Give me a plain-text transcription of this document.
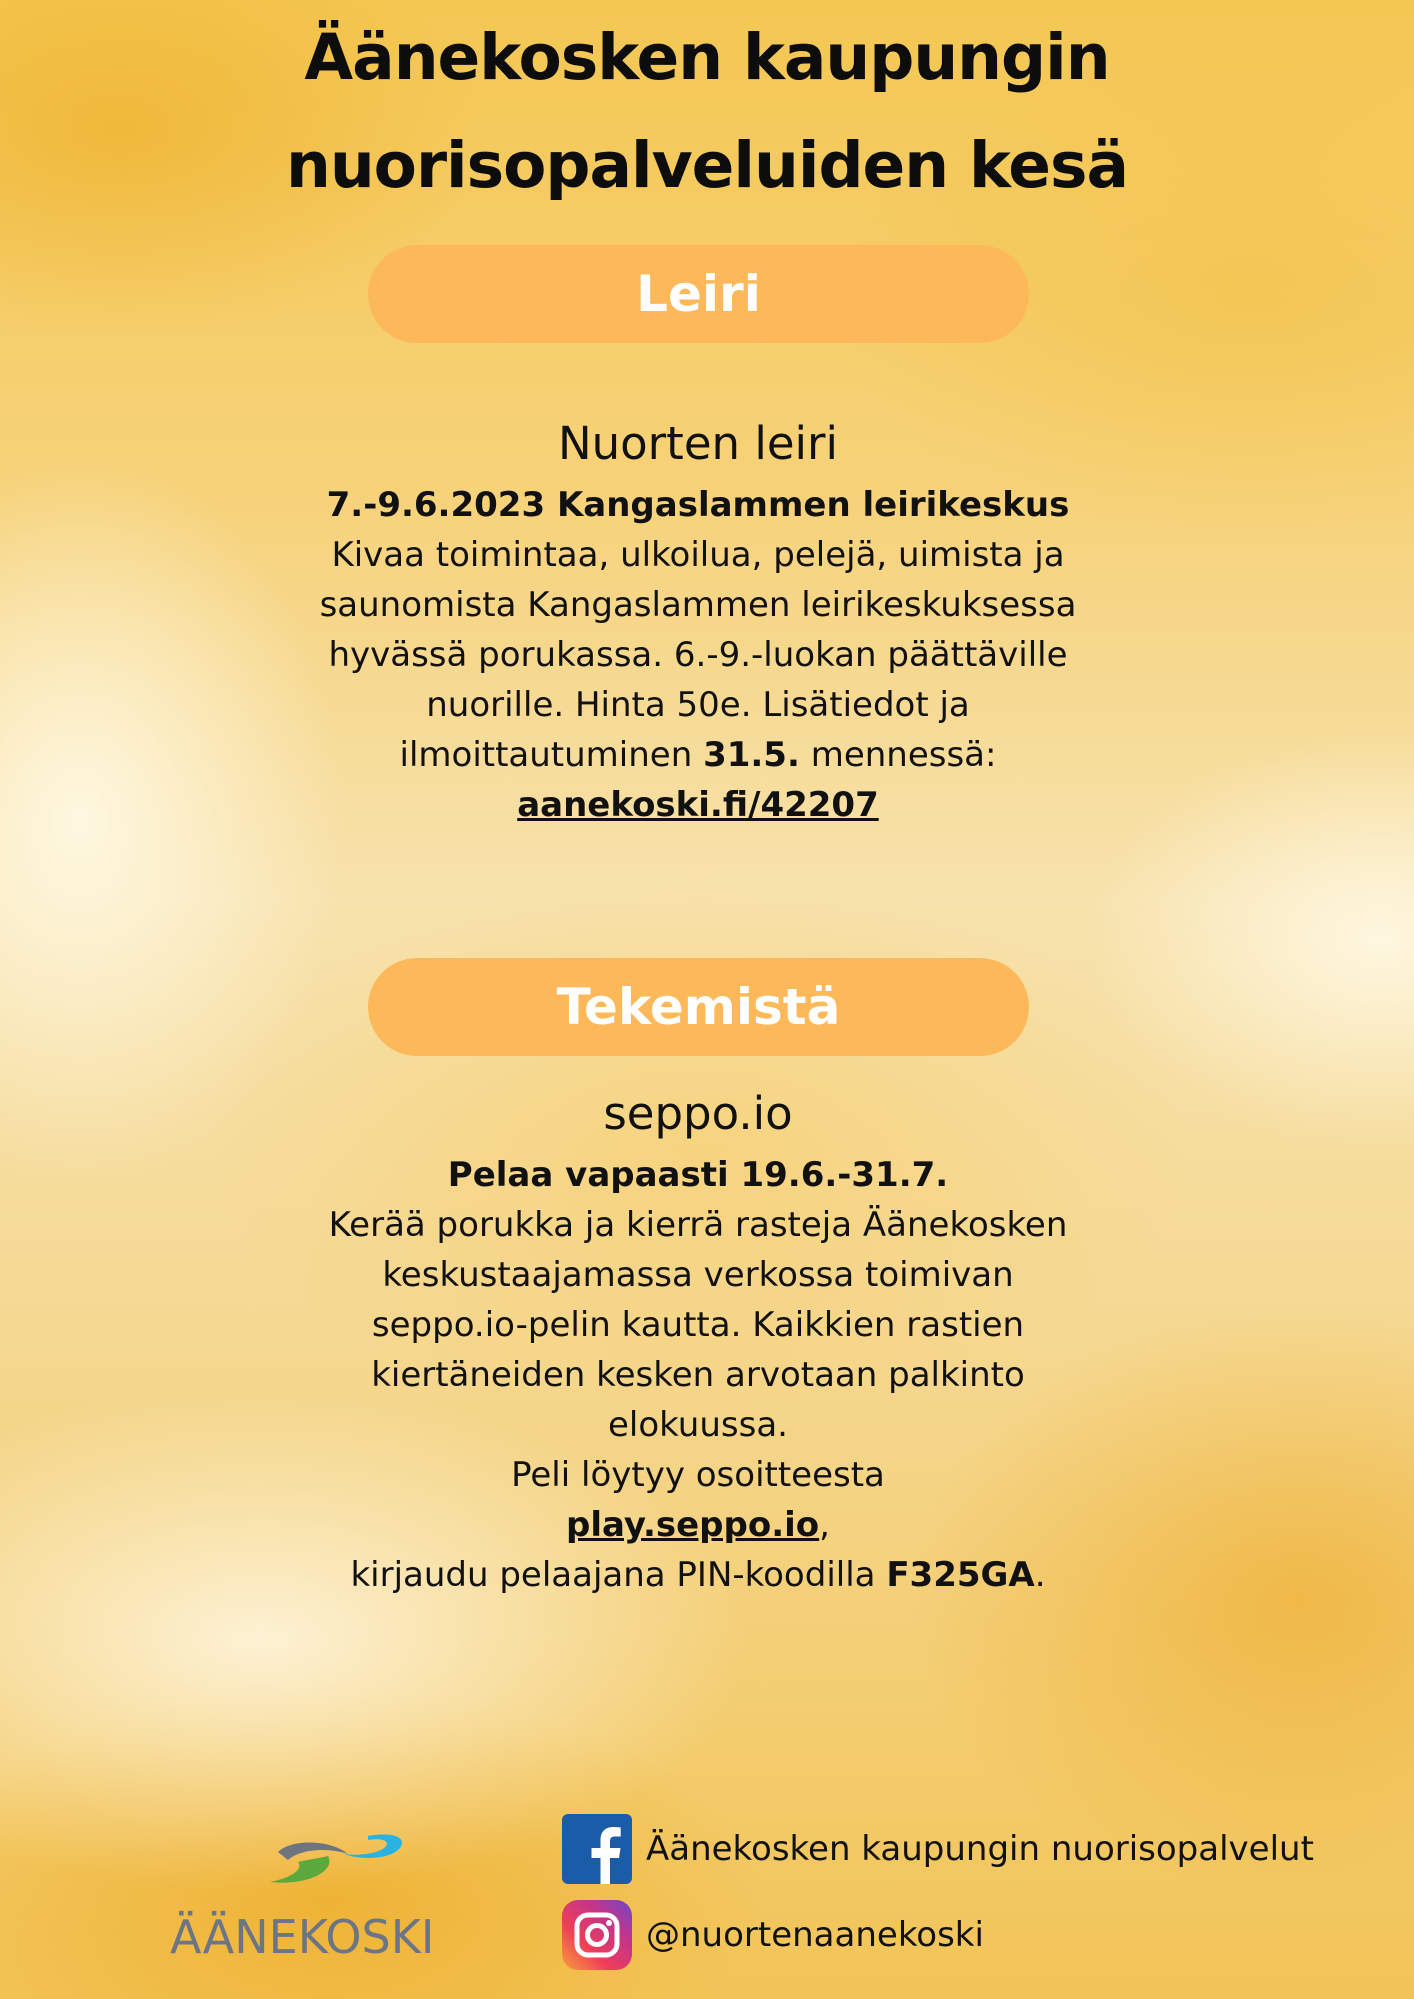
Äänekosken kaupungin
nuorisopalveluiden kesä
Leiri
Nuorten leiri
7.-9.6.2023 Kangaslammen leirikeskus

Kivaa toimintaa, ulkoilua, pelejä, uimista ja

saunomista Kangaslammen leirikeskuksessa

hyvässä porukassa. 6.-9.-luokan päättäville

nuorille. Hinta 50e. Lisätiedot ja

ilmoittautuminen 31.5. mennessä:

aanekoski.fi/42207

Tekemistä
seppo.io
Pelaa vapaasti 19.6.-31.7.

Kerää porukka ja kierrä rasteja Äänekosken

keskustaajamassa verkossa toimivan

seppo.io-pelin kautta. Kaikkien rastien

kiertäneiden kesken arvotaan palkinto

elokuussa.

Peli löytyy osoitteesta

play.seppo.io,

kirjaudu pelaajana PIN-koodilla F325GA.

ÄÄNEKOSKI
Äänekosken kaupungin nuorisopalvelut
@nuortenaanekoski
